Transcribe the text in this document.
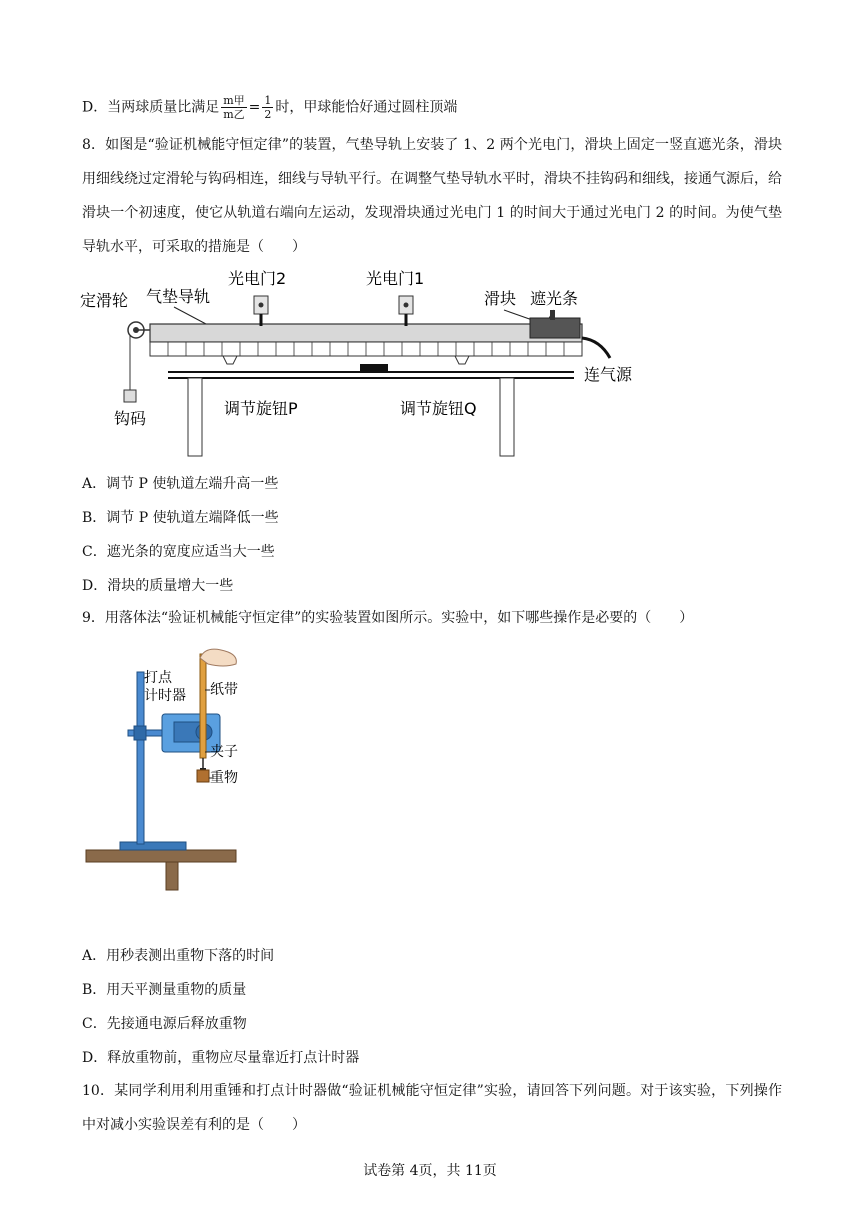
D．当两球质量比满足 $\frac{\text{m甲}}{\text{m乙}} = \frac{1}{2}$ 时，甲球能恰好通过圆柱顶端
8．如图是“验证机械能守恒定律”的装置，气垫导轨上安装了 1、2 两个光电门，滑块上固定一竖直遮光条，滑块用细线绕过定滑轮与钩码相连，细线与导轨平行。在调整气垫导轨水平时，滑块不挂钩码和细线，接通气源后，给滑块一个初速度，使它从轨道右端向左运动，发现滑块通过光电门 1 的时间大于通过光电门 2 的时间。为使气垫导轨水平，可采取的措施是（　　）
定滑轮 气垫导轨
光电门2	光电门1
滑块 遮光条
钩码
调节旋钮P	调节旋钮Q
连气源
A．调节 P 使轨道左端升高一些
B．调节 P 使轨道左端降低一些
C．遮光条的宽度应适当大一些
D．滑块的质量增大一些
9．用落体法“验证机械能守恒定律”的实验装置如图所示。实验中，如下哪些操作是必要的（　　）
打点
计时器 纸带
夹子
重物
A．用秒表测出重物下落的时间
B．用天平测量重物的质量
C．先接通电源后释放重物
D．释放重物前，重物应尽量靠近打点计时器
10．某同学利用利用重锤和打点计时器做“验证机械能守恒定律”实验，请回答下列问题。对于该实验，下列操作中对减小实验误差有利的是（　　）
试卷第 4页，共 11页
